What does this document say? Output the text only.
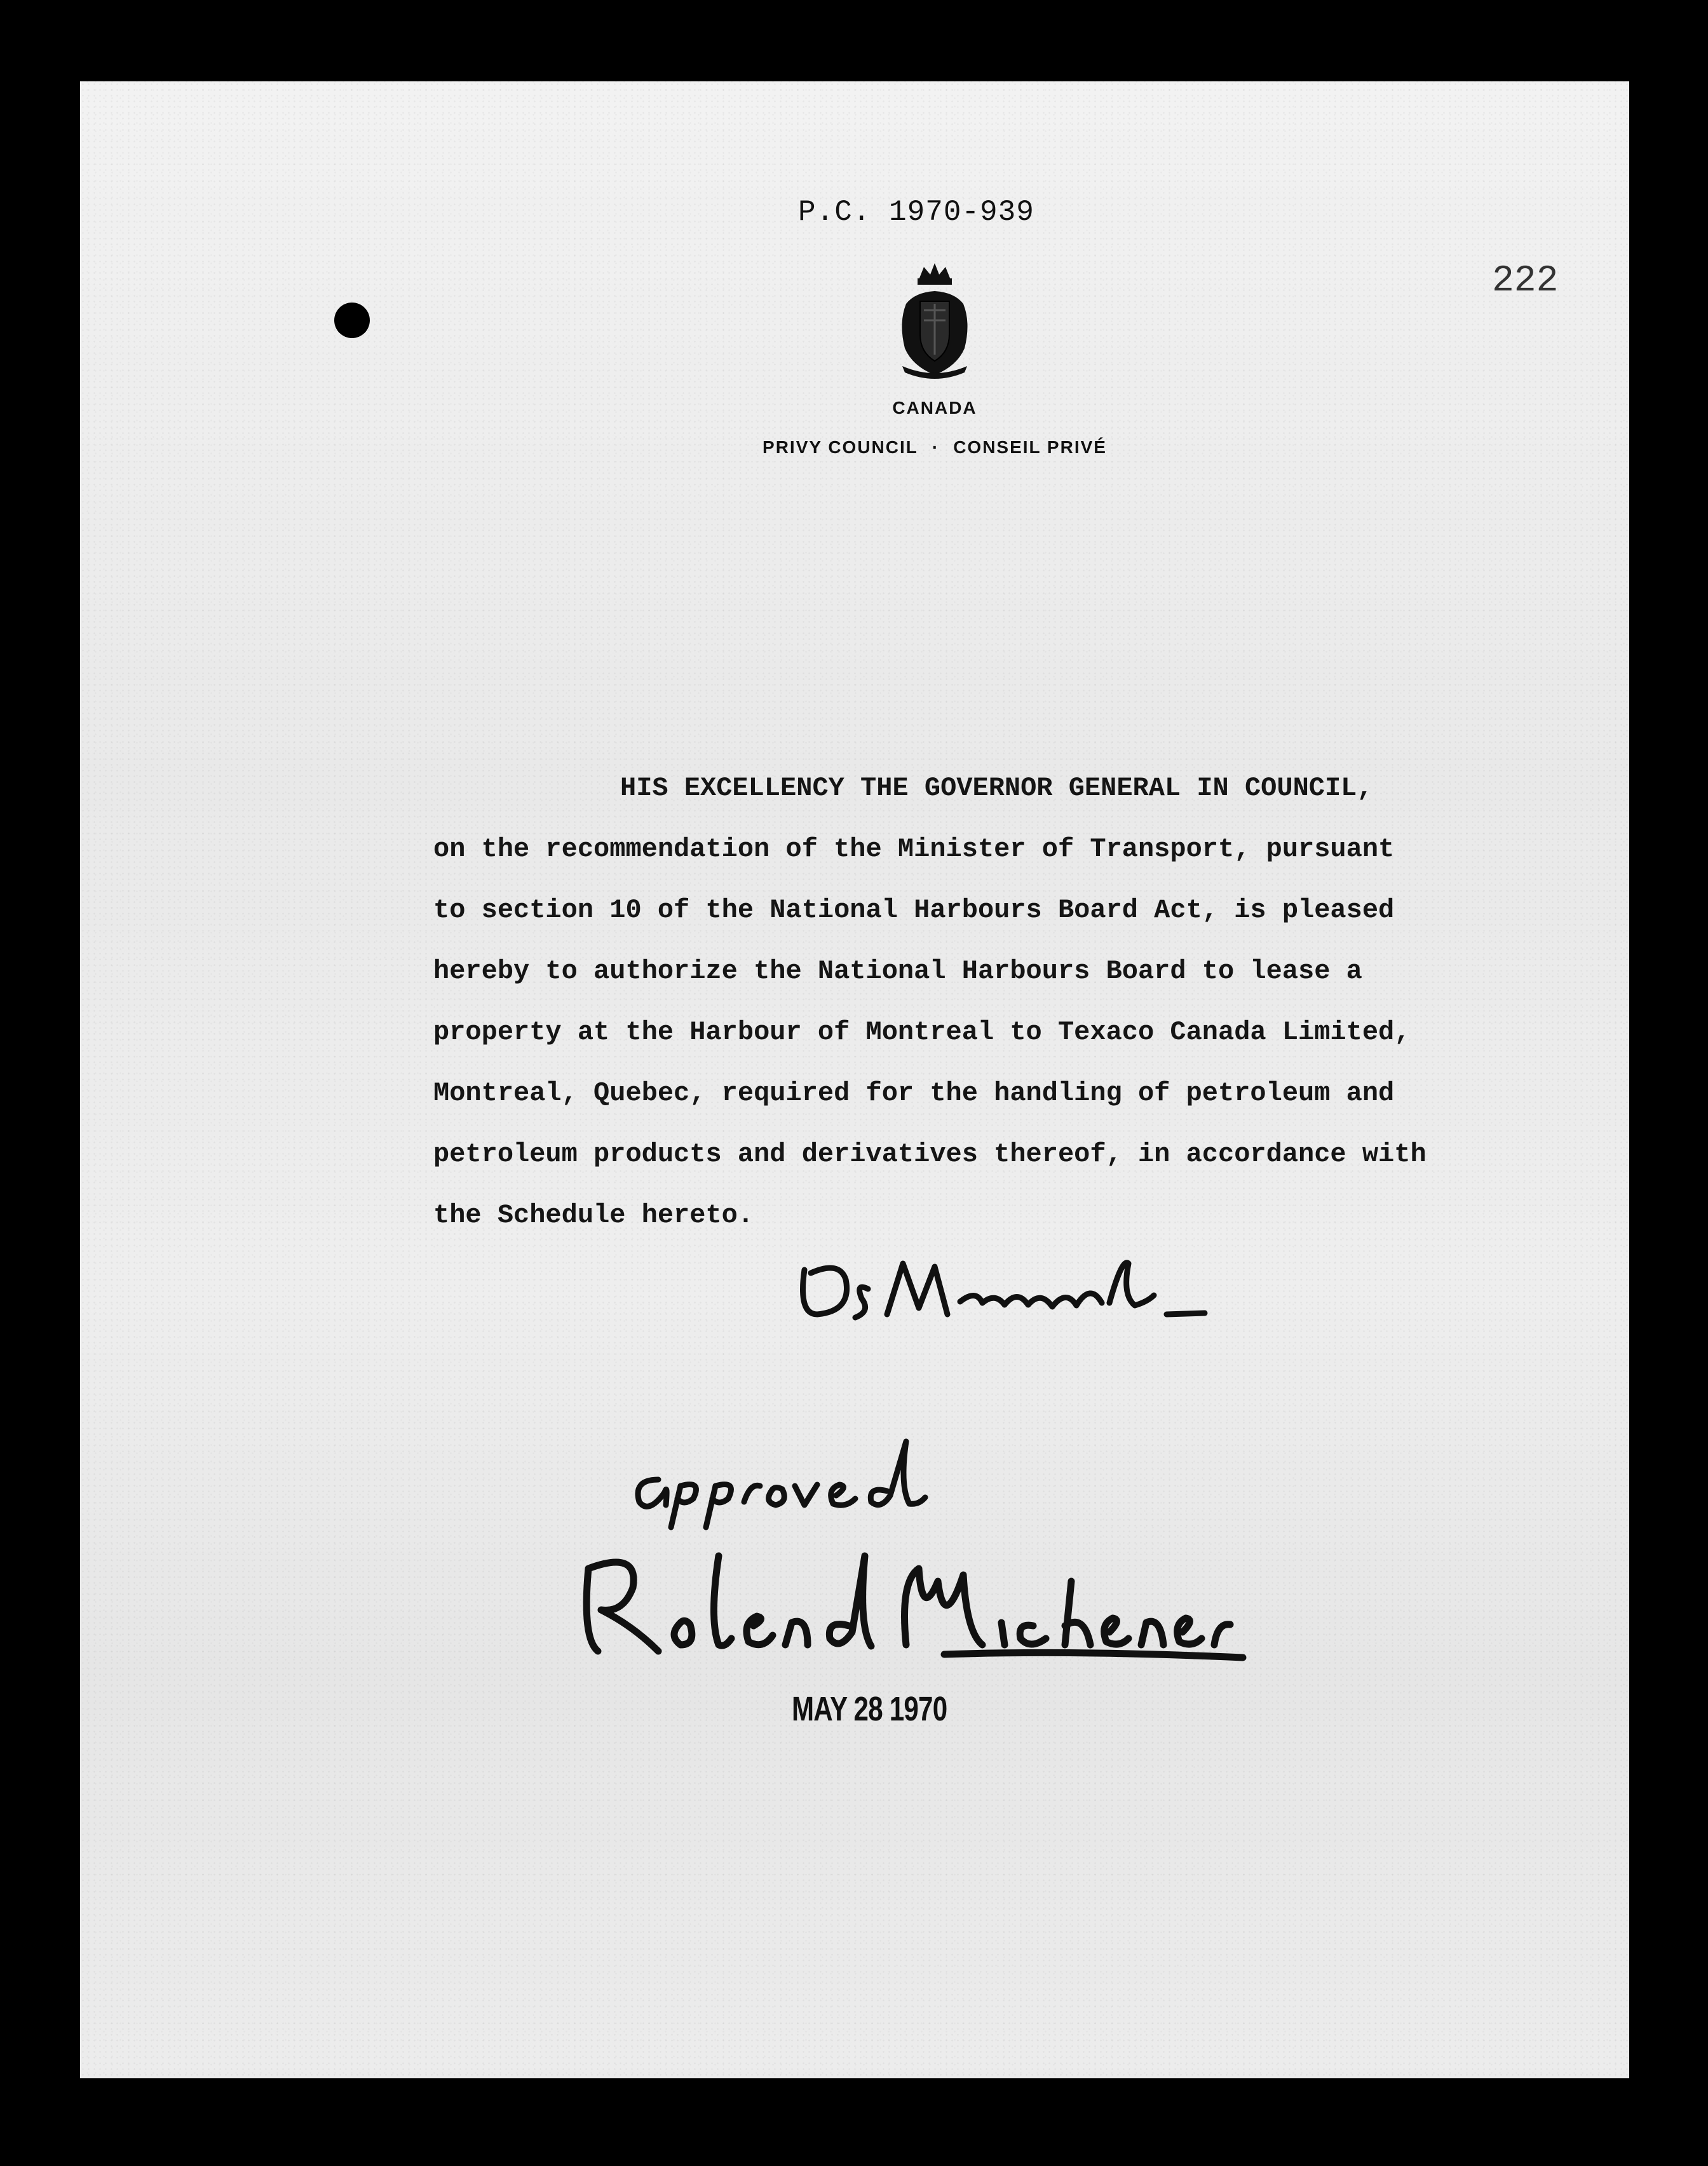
P.C. 1970-939
222
CANADA
PRIVY COUNCIL · CONSEIL PRIVÉ
HIS EXCELLENCY THE GOVERNOR GENERAL IN COUNCIL,
on the recommendation of the Minister of Transport, pursuant
to section 10 of the National Harbours Board Act, is pleased
hereby to authorize the National Harbours Board to lease a
property at the Harbour of Montreal to Texaco Canada Limited,
Montreal, Quebec, required for the handling of petroleum and
petroleum products and derivatives thereof, in accordance with
the Schedule hereto.
MAY 28 1970
